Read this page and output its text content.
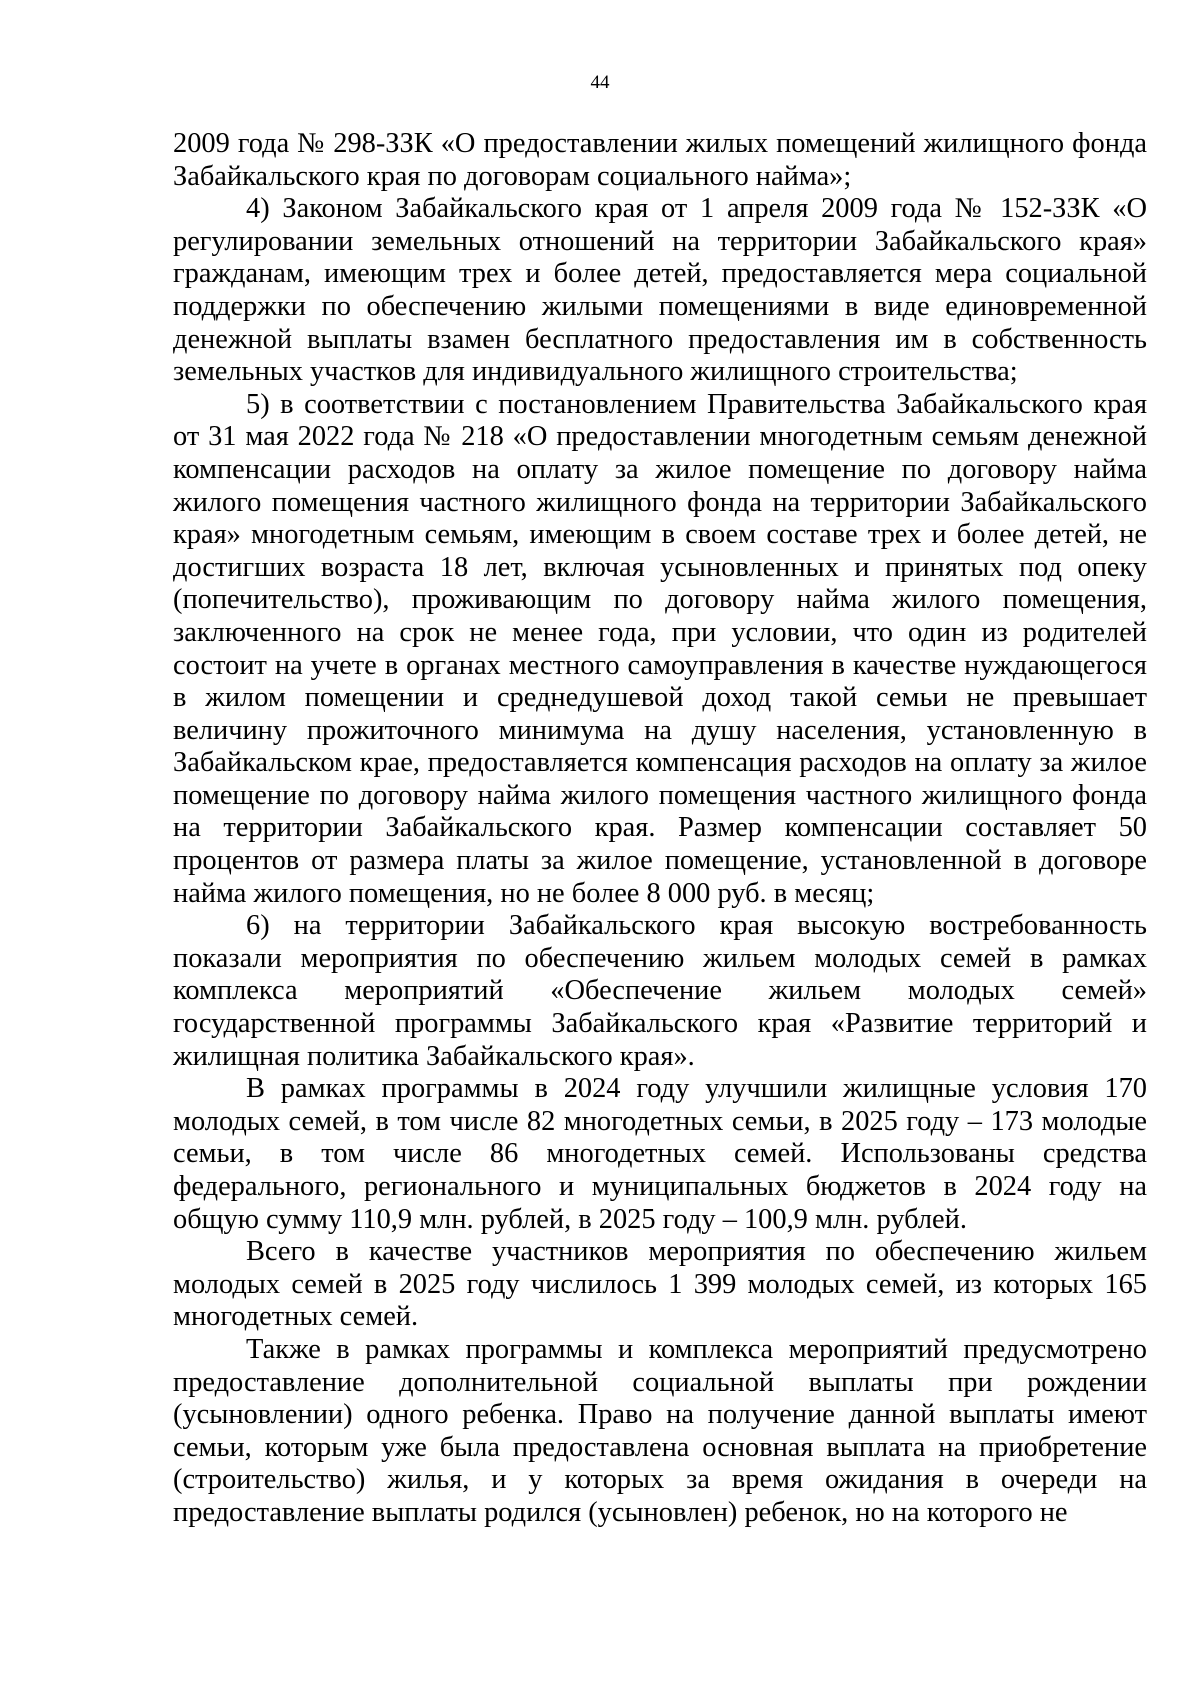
44

2009 года № 298-ЗЗК «О предоставлении жилых помещений жилищного фонда Забайкальского края по договорам социального найма»;

4) Законом Забайкальского края от 1 апреля 2009 года № 152-ЗЗК «О регулировании земельных отношений на территории Забайкальского края» гражданам, имеющим трех и более детей, предоставляется мера социальной поддержки по обеспечению жилыми помещениями в виде единовременной денежной выплаты взамен бесплатного предоставления им в собственность земельных участков для индивидуального жилищного строительства;

5) в соответствии с постановлением Правительства Забайкальского края от 31 мая 2022 года № 218 «О предоставлении многодетным семьям денежной компенсации расходов на оплату за жилое помещение по договору найма жилого помещения частного жилищного фонда на территории Забайкальского края» многодетным семьям, имеющим в своем составе трех и более детей, не достигших возраста 18 лет, включая усыновленных и принятых под опеку (попечительство), проживающим по договору найма жилого помещения, заключенного на срок не менее года, при условии, что один из родителей состоит на учете в органах местного самоуправления в качестве нуждающегося в жилом помещении и среднедушевой доход такой семьи не превышает величину прожиточного минимума на душу населения, установленную в Забайкальском крае, предоставляется компенсация расходов на оплату за жилое помещение по договору найма жилого помещения частного жилищного фонда на территории Забайкальского края. Размер компенсации составляет 50 процентов от размера платы за жилое помещение, установленной в договоре найма жилого помещения, но не более 8 000 руб. в месяц;

6) на территории Забайкальского края высокую востребованность показали мероприятия по обеспечению жильем молодых семей в рамках комплекса мероприятий «Обеспечение жильем молодых семей» государственной программы Забайкальского края «Развитие территорий и жилищная политика Забайкальского края».

В рамках программы в 2024 году улучшили жилищные условия 170 молодых семей, в том числе 82 многодетных семьи, в 2025 году – 173 молодые семьи, в том числе 86 многодетных семей. Использованы средства федерального, регионального и муниципальных бюджетов в 2024 году на общую сумму 110,9 млн. рублей, в 2025 году – 100,9 млн. рублей.

Всего в качестве участников мероприятия по обеспечению жильем молодых семей в 2025 году числилось 1 399 молодых семей, из которых 165 многодетных семей.

Также в рамках программы и комплекса мероприятий предусмотрено предоставление дополнительной социальной выплаты при рождении (усыновлении) одного ребенка. Право на получение данной выплаты имеют семьи, которым уже была предоставлена основная выплата на приобретение (строительство) жилья, и у которых за время ожидания в очереди на предоставление выплаты родился (усыновлен) ребенок, но на которого не
